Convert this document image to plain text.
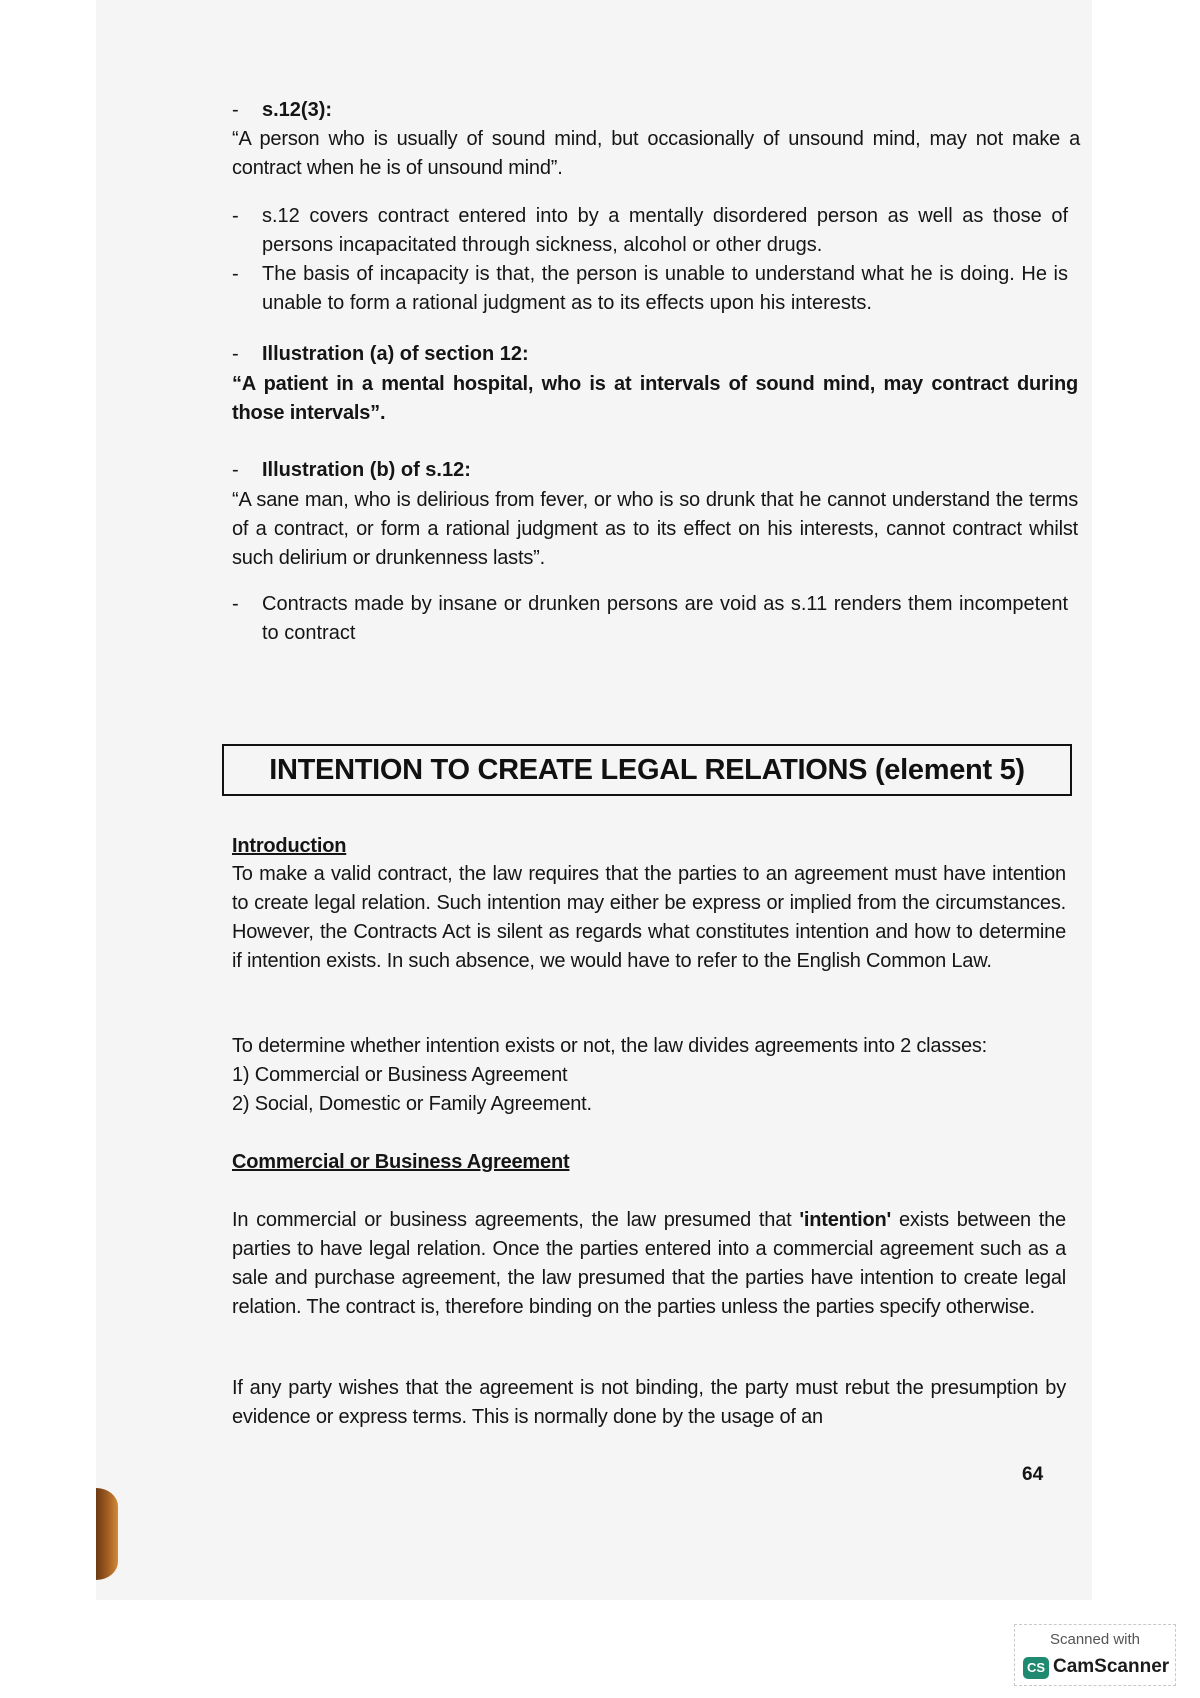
-	s.12(3):
“A person who is usually of sound mind, but occasionally of unsound mind, may not make a contract when he is of unsound mind”.
-	s.12 covers contract entered into by a mentally disordered person as well as those of persons incapacitated through sickness, alcohol or other drugs.
-	The basis of incapacity is that, the person is unable to understand what he is doing. He is unable to form a rational judgment as to its effects upon his interests.
-	Illustration (a) of section 12:
“A patient in a mental hospital, who is at intervals of sound mind, may contract during those intervals”.
-	Illustration (b) of s.12:
“A sane man, who is delirious from fever, or who is so drunk that he cannot understand the terms of a contract, or form a rational judgment as to its effect on his interests, cannot contract whilst such delirium or drunkenness lasts”.
-	Contracts made by insane or drunken persons are void as s.11 renders them incompetent to contract
INTENTION TO CREATE LEGAL RELATIONS (element 5)
Introduction
To make a valid contract, the law requires that the parties to an agreement must have intention to create legal relation. Such intention may either be express or implied from the circumstances. However, the Contracts Act is silent as regards what constitutes intention and how to determine if intention exists. In such absence, we would have to refer to the English Common Law.
To determine whether intention exists or not, the law divides agreements into 2 classes:
1) Commercial or Business Agreement
2) Social, Domestic or Family Agreement.
Commercial or Business Agreement
In commercial or business agreements, the law presumed that 'intention' exists between the parties to have legal relation. Once the parties entered into a commercial agreement such as a sale and purchase agreement, the law presumed that the parties have intention to create legal relation. The contract is, therefore binding on the parties unless the parties specify otherwise.
If any party wishes that the agreement is not binding, the party must rebut the presumption by evidence or express terms. This is normally done by the usage of an
64
Scanned with
CS CamScanner
